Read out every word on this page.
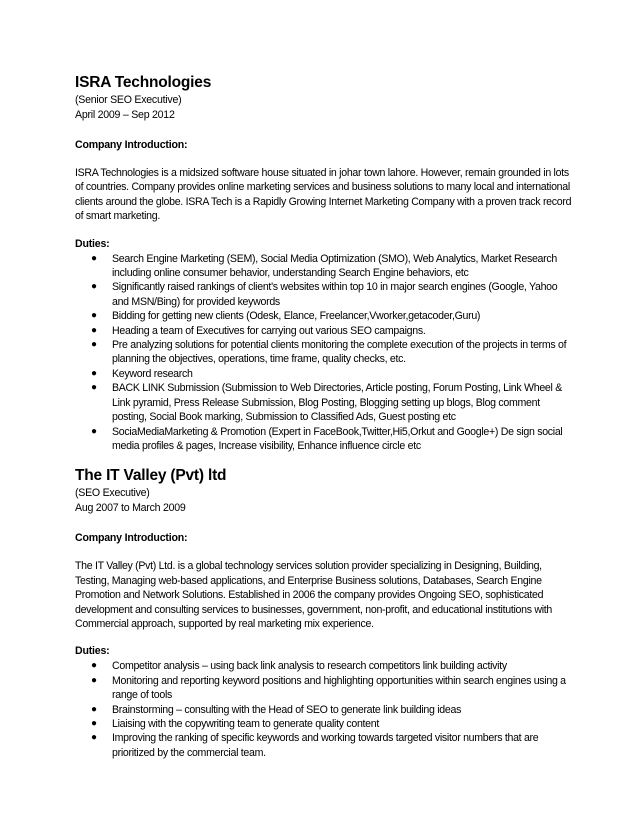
ISRA Technologies
(Senior SEO Executive)
April 2009 – Sep 2012
Company Introduction:
ISRA Technologies is a midsized software house situated in johar town lahore. However, remain grounded in lots of countries. Company provides online marketing services and business solutions to many local and international clients around the globe. ISRA Tech is a Rapidly Growing Internet Marketing Company with a proven track record of smart marketing.
Duties:
● Search Engine Marketing (SEM), Social Media Optimization (SMO), Web Analytics, Market Research including online consumer behavior, understanding Search Engine behaviors, etc
● Significantly raised rankings of client's websites within top 10 in major search engines (Google, Yahoo and MSN/Bing) for provided keywords
● Bidding for getting new clients (Odesk, Elance, Freelancer,Vworker,getacoder,Guru)
● Heading a team of Executives for carrying out various SEO campaigns.
● Pre analyzing solutions for potential clients monitoring the complete execution of the projects in terms of planning the objectives, operations, time frame, quality checks, etc.
● Keyword research
● BACK LINK Submission (Submission to Web Directories, Article posting, Forum Posting, Link Wheel & Link pyramid, Press Release Submission, Blog Posting, Blogging setting up blogs, Blog comment posting, Social Book marking, Submission to Classified Ads, Guest posting etc
● SociaMediaMarketing & Promotion (Expert in FaceBook,Twitter,Hi5,Orkut and Google+) De sign social media profiles & pages, Increase visibility, Enhance influence circle etc
The IT Valley (Pvt) ltd
(SEO Executive)
Aug 2007 to March 2009
Company Introduction:
The IT Valley (Pvt) Ltd. is a global technology services solution provider specializing in Designing, Building, Testing, Managing web-based applications, and Enterprise Business solutions, Databases, Search Engine Promotion and Network Solutions. Established in 2006 the company provides Ongoing SEO, sophisticated development and consulting services to businesses, government, non-profit, and educational institutions with Commercial approach, supported by real marketing mix experience.
Duties:
● Competitor analysis – using back link analysis to research competitors link building activity
● Monitoring and reporting keyword positions and highlighting opportunities within search engines using a range of tools
● Brainstorming – consulting with the Head of SEO to generate link building ideas
● Liaising with the copywriting team to generate quality content
● Improving the ranking of specific keywords and working towards targeted visitor numbers that are prioritized by the commercial team.
